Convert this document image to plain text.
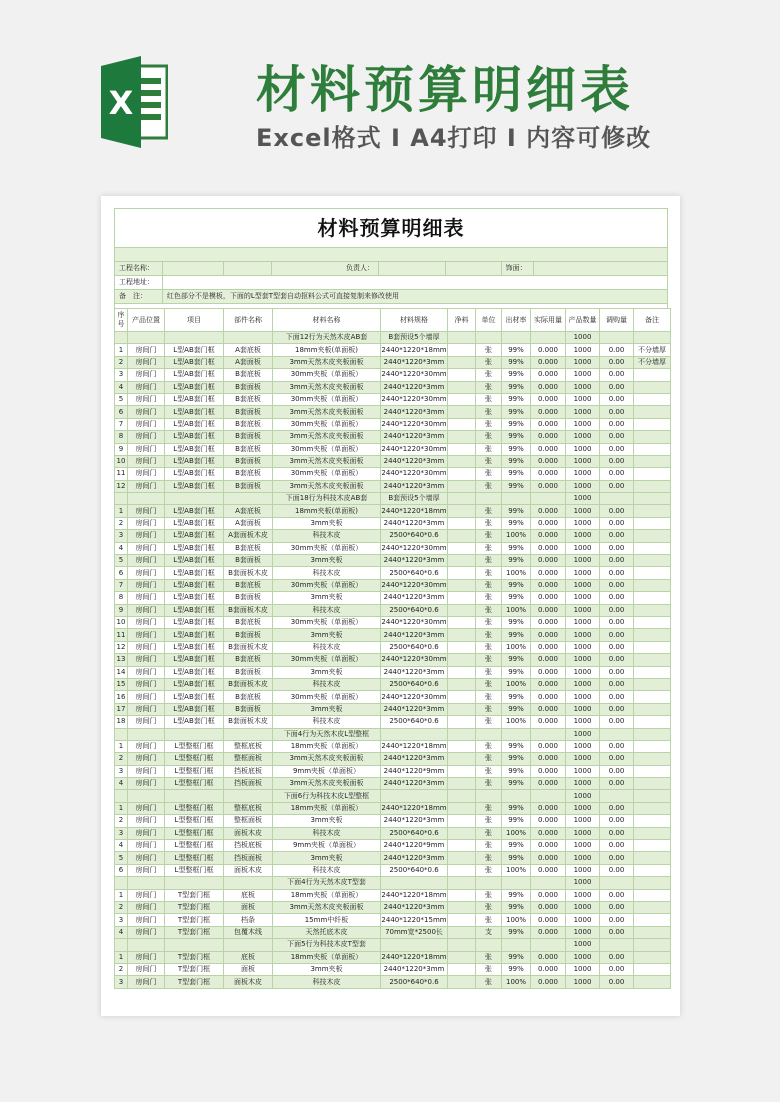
X 材料预算明细表
Excel格式 I A4打印 I 内容可修改
材料预算明细表
工程名称：	负责人：	饰面：
工程地址：
备　注：	红色部分不是模板，下面的L型套T型套自动抠料公式可直接复制来修改使用
序号	产品位置	项目	部件名称	材料名称	材料规格	净料	单位	出材率	实际用量	产品数量	调购量	备注
				下面12行为天然木皮AB套	B套预设5个墙厚					1000		
1	房间门	L型AB套门框	A套底板	18mm夹板(单面板)	2440*1220*18mm		张	99%	0.000	1000	0.00	不分墙厚
2	房间门	L型AB套门框	A套面板	3mm天然木皮夹板面板	2440*1220*3mm		张	99%	0.000	1000	0.00	不分墙厚
3	房间门	L型AB套门框	B套底板	30mm夹板（单面板）	2440*1220*30mm		张	99%	0.000	1000	0.00	
4	房间门	L型AB套门框	B套面板	3mm天然木皮夹板面板	2440*1220*3mm		张	99%	0.000	1000	0.00	
5	房间门	L型AB套门框	B套底板	30mm夹板（单面板）	2440*1220*30mm		张	99%	0.000	1000	0.00	
6	房间门	L型AB套门框	B套面板	3mm天然木皮夹板面板	2440*1220*3mm		张	99%	0.000	1000	0.00	
7	房间门	L型AB套门框	B套底板	30mm夹板（单面板）	2440*1220*30mm		张	99%	0.000	1000	0.00	
8	房间门	L型AB套门框	B套面板	3mm天然木皮夹板面板	2440*1220*3mm		张	99%	0.000	1000	0.00	
9	房间门	L型AB套门框	B套底板	30mm夹板（单面板）	2440*1220*30mm		张	99%	0.000	1000	0.00	
10	房间门	L型AB套门框	B套面板	3mm天然木皮夹板面板	2440*1220*3mm		张	99%	0.000	1000	0.00	
11	房间门	L型AB套门框	B套底板	30mm夹板（单面板）	2440*1220*30mm		张	99%	0.000	1000	0.00	
12	房间门	L型AB套门框	B套面板	3mm天然木皮夹板面板	2440*1220*3mm		张	99%	0.000	1000	0.00	
				下面18行为科技木皮AB套	B套预设5个墙厚					1000		
1	房间门	L型AB套门框	A套底板	18mm夹板(单面板)	2440*1220*18mm		张	99%	0.000	1000	0.00	
2	房间门	L型AB套门框	A套面板	3mm夹板	2440*1220*3mm		张	99%	0.000	1000	0.00	
3	房间门	L型AB套门框	A套面板木皮	科技木皮	2500*640*0.6		张	100%	0.000	1000	0.00	
4	房间门	L型AB套门框	B套底板	30mm夹板（单面板）	2440*1220*30mm		张	99%	0.000	1000	0.00	
5	房间门	L型AB套门框	B套面板	3mm夹板	2440*1220*3mm		张	99%	0.000	1000	0.00	
6	房间门	L型AB套门框	B套面板木皮	科技木皮	2500*640*0.6		张	100%	0.000	1000	0.00	
7	房间门	L型AB套门框	B套底板	30mm夹板（单面板）	2440*1220*30mm		张	99%	0.000	1000	0.00	
8	房间门	L型AB套门框	B套面板	3mm夹板	2440*1220*3mm		张	99%	0.000	1000	0.00	
9	房间门	L型AB套门框	B套面板木皮	科技木皮	2500*640*0.6		张	100%	0.000	1000	0.00	
10	房间门	L型AB套门框	B套底板	30mm夹板（单面板）	2440*1220*30mm		张	99%	0.000	1000	0.00	
11	房间门	L型AB套门框	B套面板	3mm夹板	2440*1220*3mm		张	99%	0.000	1000	0.00	
12	房间门	L型AB套门框	B套面板木皮	科技木皮	2500*640*0.6		张	100%	0.000	1000	0.00	
13	房间门	L型AB套门框	B套底板	30mm夹板（单面板）	2440*1220*30mm		张	99%	0.000	1000	0.00	
14	房间门	L型AB套门框	B套面板	3mm夹板	2440*1220*3mm		张	99%	0.000	1000	0.00	
15	房间门	L型AB套门框	B套面板木皮	科技木皮	2500*640*0.6		张	100%	0.000	1000	0.00	
16	房间门	L型AB套门框	B套底板	30mm夹板（单面板）	2440*1220*30mm		张	99%	0.000	1000	0.00	
17	房间门	L型AB套门框	B套面板	3mm夹板	2440*1220*3mm		张	99%	0.000	1000	0.00	
18	房间门	L型AB套门框	B套面板木皮	科技木皮	2500*640*0.6		张	100%	0.000	1000	0.00	
				下面4行为天然木皮L型整框						1000		
1	房间门	L型整框门框	整框底板	18mm夹板（单面板）	2440*1220*18mm		张	99%	0.000	1000	0.00	
2	房间门	L型整框门框	整框面板	3mm天然木皮夹板面板	2440*1220*3mm		张	99%	0.000	1000	0.00	
3	房间门	L型整框门框	挡板底板	9mm夹板（单面板）	2440*1220*9mm		张	99%	0.000	1000	0.00	
4	房间门	L型整框门框	挡板面板	3mm天然木皮夹板面板	2440*1220*3mm		张	99%	0.000	1000	0.00	
				下面6行为科技木皮L型整框						1000		
1	房间门	L型整框门框	整框底板	18mm夹板（单面板）	2440*1220*18mm		张	99%	0.000	1000	0.00	
2	房间门	L型整框门框	整框面板	3mm夹板	2440*1220*3mm		张	99%	0.000	1000	0.00	
3	房间门	L型整框门框	面板木皮	科技木皮	2500*640*0.6		张	100%	0.000	1000	0.00	
4	房间门	L型整框门框	挡板底板	9mm夹板（单面板）	2440*1220*9mm		张	99%	0.000	1000	0.00	
5	房间门	L型整框门框	挡板面板	3mm夹板	2440*1220*3mm		张	99%	0.000	1000	0.00	
6	房间门	L型整框门框	面板木皮	科技木皮	2500*640*0.6		张	100%	0.000	1000	0.00	
				下面4行为天然木皮T型套						1000		
1	房间门	T型套门框	底板	18mm夹板（单面板）	2440*1220*18mm		张	99%	0.000	1000	0.00	
2	房间门	T型套门框	面板	3mm天然木皮夹板面板	2440*1220*3mm		张	99%	0.000	1000	0.00	
3	房间门	T型套门框	档条	15mm中纤板	2440*1220*15mm		张	100%	0.000	1000	0.00	
4	房间门	T型套门框	包覆木线	天然托底木皮	70mm宽*2500长		支	99%	0.000	1000	0.00	
				下面5行为科技木皮T型套						1000		
1	房间门	T型套门框	底板	18mm夹板（单面板）	2440*1220*18mm		张	99%	0.000	1000	0.00	
2	房间门	T型套门框	面板	3mm夹板	2440*1220*3mm		张	99%	0.000	1000	0.00	
3	房间门	T型套门框	面板木皮	科技木皮	2500*640*0.6		张	100%	0.000	1000	0.00	
